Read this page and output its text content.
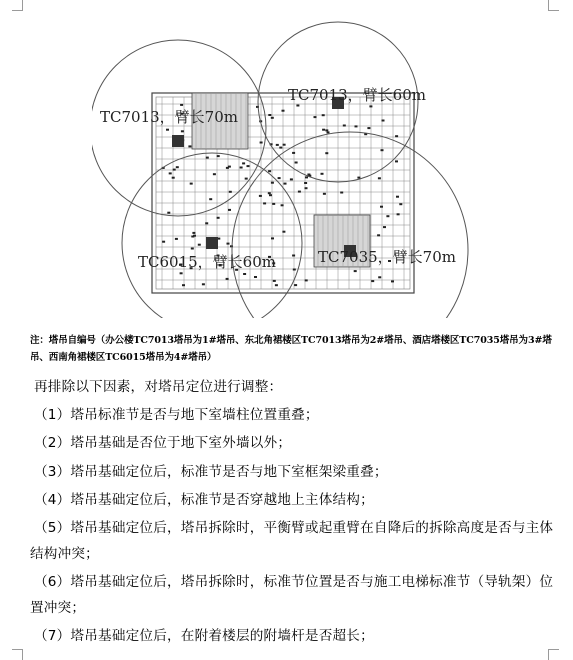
TC7013，臂长70m
TC7013，臂长60m
TC6015，臂长60m	TC7035，臂长70m
注：塔吊自编号（办公楼TC7013塔吊为1#塔吊、东北角裙楼区TC7013塔吊为2#塔吊、酒店塔楼区TC7035塔吊为3#塔吊、西南角裙楼区TC6015塔吊为4#塔吊）
再排除以下因素，对塔吊定位进行调整：
（1）塔吊标准节是否与地下室墙柱位置重叠；
（2）塔吊基础是否位于地下室外墙以外；
（3）塔吊基础定位后，标准节是否与地下室框架梁重叠；
（4）塔吊基础定位后，标准节是否穿越地上主体结构；
（5）塔吊基础定位后，塔吊拆除时，平衡臂或起重臂在自降后的拆除高度是否与主体结构冲突；
（6）塔吊基础定位后，塔吊拆除时，标准节位置是否与施工电梯标准节（导轨架）位置冲突；
（7）塔吊基础定位后，在附着楼层的附墙杆是否超长；
